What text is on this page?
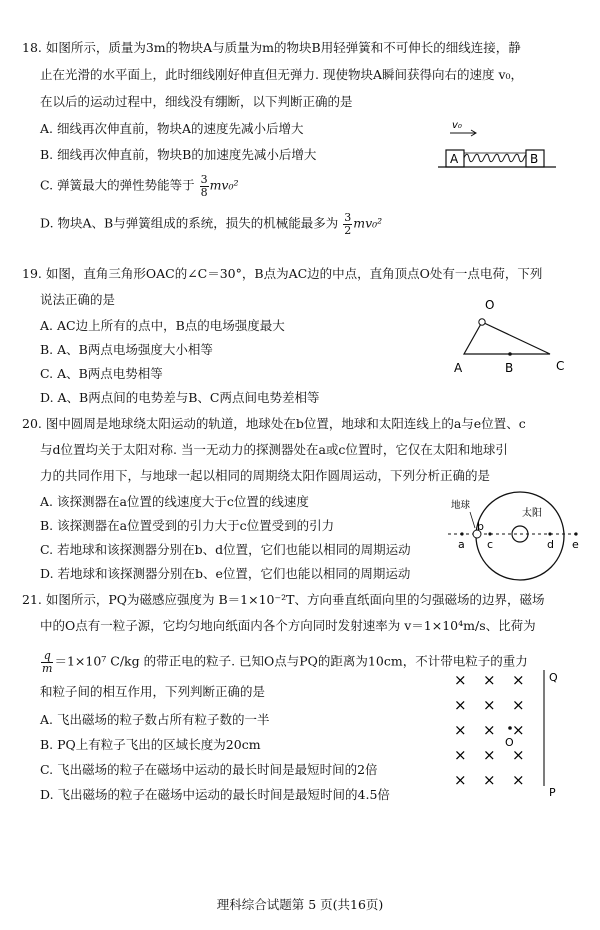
18. 如图所示，质量为3m的物块A与质量为m的物块B用轻弹簧和不可伸长的细线连接，静
止在光滑的水平面上，此时细线刚好伸直但无弹力. 现使物块A瞬间获得向右的速度 v₀，
在以后的运动过程中，细线没有绷断，以下判断正确的是
A. 细线再次伸直前，物块A的速度先减小后增大
B. 细线再次伸直前，物块B的加速度先减小后增大
C. 弹簧最大的弹性势能等于 $\frac{3}{8} mv_0^2$
D. 物块A、B与弹簧组成的系统，损失的机械能最多为 $\frac{3}{2} mv_0^2$
v₀
A	B
19. 如图，直角三角形OAC的∠C＝30°，B点为AC边的中点，直角顶点O处有一点电荷，下列
说法正确的是
A. AC边上所有的点中，B点的电场强度最大
B. A、B两点电场强度大小相等
C. A、B两点电势相等
D. A、B两点间的电势差与B、C两点间电势差相等
O
A	B	C
20. 图中圆周是地球绕太阳运动的轨道，地球处在b位置，地球和太阳连线上的a与e位置、c
与d位置均关于太阳对称. 当一无动力的探测器处在a或c位置时，它仅在太阳和地球引
力的共同作用下，与地球一起以相同的周期绕太阳作圆周运动，下列分析正确的是
A. 该探测器在a位置的线速度大于c位置的线速度
B. 该探测器在a位置受到的引力大于c位置受到的引力
C. 若地球和该探测器分别在b、d位置，它们也能以相同的周期运动
D. 若地球和该探测器分别在b、e位置，它们也能以相同的周期运动
太阳
地球
b
a c	d e
21. 如图所示，PQ为磁感应强度为 B＝1×10⁻²T、方向垂直纸面向里的匀强磁场的边界，磁场
中的O点有一粒子源，它均匀地向纸面内各个方向同时发射速率为 v＝1×10⁴m/s、比荷为
$\frac{q}{m} =1\times 10^7$ C/kg 的带正电的粒子. 已知O点与PQ的距离为10cm，不计带电粒子的重力
和粒子间的相互作用，下列判断正确的是
A. 飞出磁场的粒子数占所有粒子数的一半
B. PQ上有粒子飞出的区域长度为20cm
C. 飞出磁场的粒子在磁场中运动的最长时间是最短时间的2倍
D. 飞出磁场的粒子在磁场中运动的最长时间是最短时间的4.5倍
× × ×
× × ×
× × ×
× × ×
× × ×
O
Q
P
理科综合试题第 5 页(共16页)
